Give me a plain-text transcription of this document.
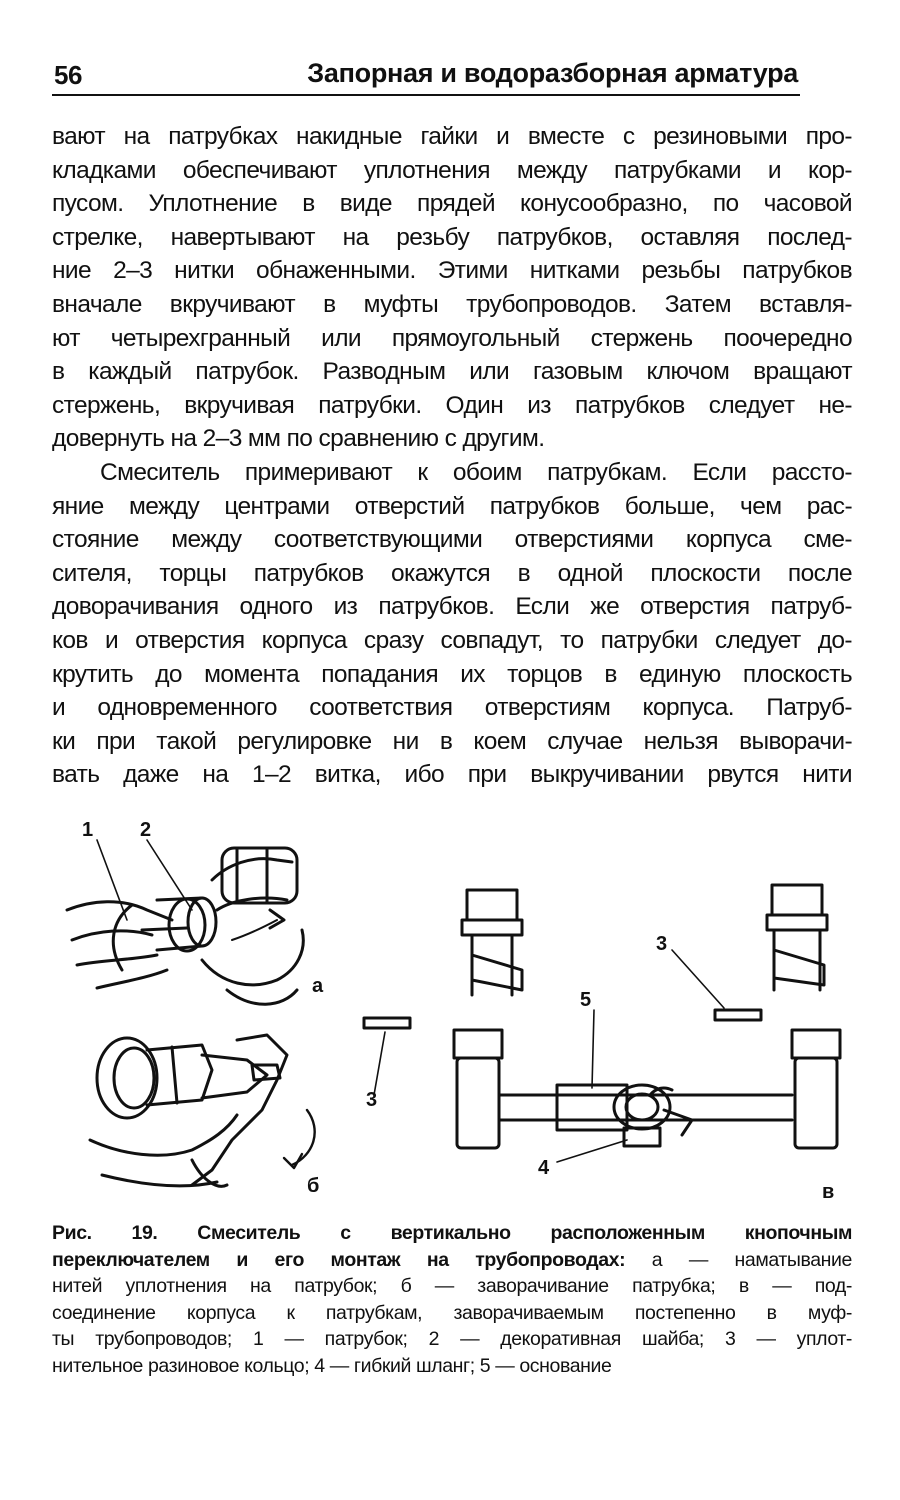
56	Запорная и водоразборная арматура

вают на патрубках накидные гайки и вместе с резиновыми про-
кладками обеспечивают уплотнения между патрубками и кор-
пусом. Уплотнение в виде прядей конусообразно, по часовой
стрелке, навертывают на резьбу патрубков, оставляя послед-
ние 2–3 нитки обнаженными. Этими нитками резьбы патрубков
вначале вкручивают в муфты трубопроводов. Затем вставля-
ют четырехгранный или прямоугольный стержень поочередно
в каждый патрубок. Разводным или газовым ключом вращают
стержень, вкручивая патрубки. Один из патрубков следует не-
довернуть на 2–3 мм по сравнению с другим.

Смеситель примеривают к обоим патрубкам. Если рассто-
яние между центрами отверстий патрубков больше, чем рас-
стояние между соответствующими отверстиями корпуса сме-
сителя, торцы патрубков окажутся в одной плоскости после
доворачивания одного из патрубков. Если же отверстия патруб-
ков и отверстия корпуса сразу совпадут, то патрубки следует до-
крутить до момента попадания их торцов в единую плоскость
и одновременного соответствия отверстиям корпуса. Патруб-
ки при такой регулировке ни в коем случае нельзя выворачи-
вать даже на 1–2 витка, ибо при выкручивании рвутся нити

1 2
а
б
3
3
5
4
в
Рис. 19. Смеситель с вертикально расположенным кнопочным
переключателем и его монтаж на трубопроводах: а — наматывание
нитей уплотнения на патрубок; б — заворачивание патрубка; в — под-
соединение корпуса к патрубкам, заворачиваемым постепенно в муф-
ты трубопроводов; 1 — патрубок; 2 — декоративная шайба; 3 — уплот-
нительное разиновое кольцо; 4 — гибкий шланг; 5 — основание
